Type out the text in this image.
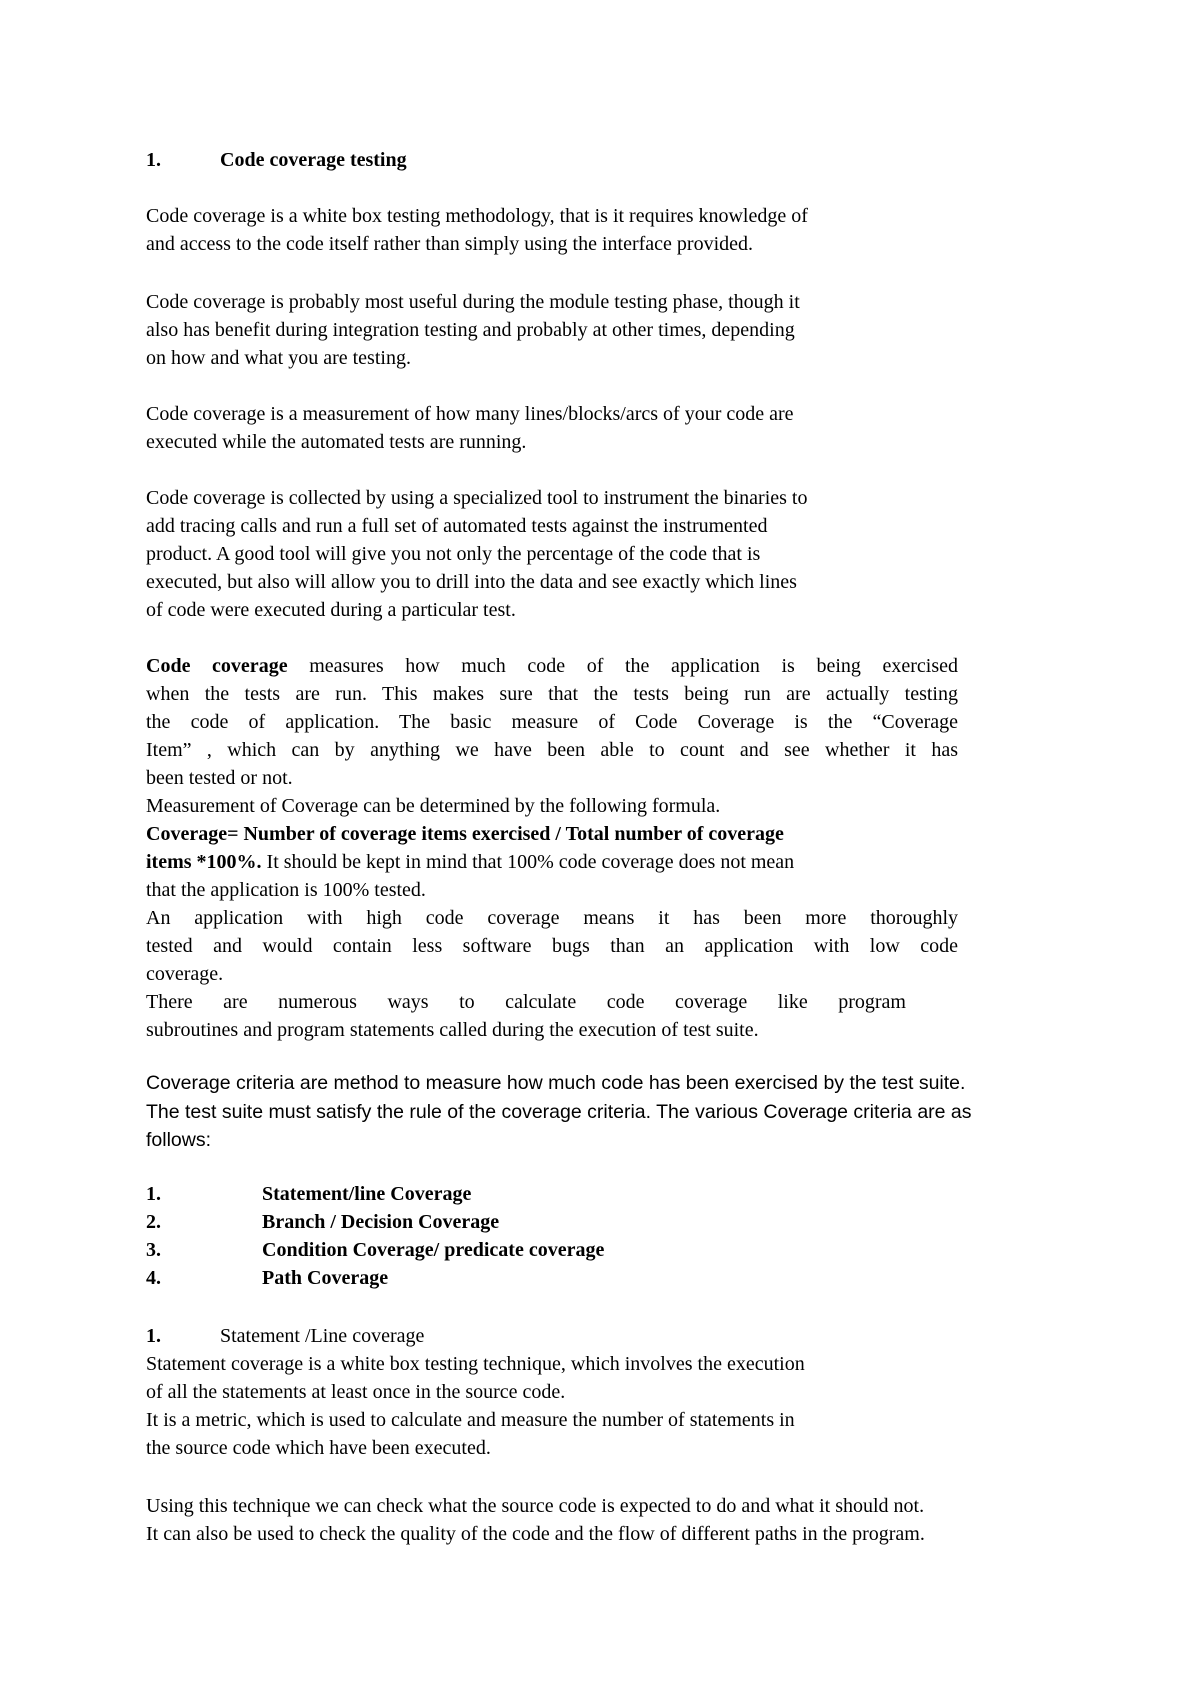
1.	Code coverage testing
Code coverage is a white box testing methodology, that is it requires knowledge of
and access to the code itself rather than simply using the interface provided.
Code coverage is probably most useful during the module testing phase, though it
also has benefit during integration testing and probably at other times, depending
on how and what you are testing.
Code coverage is a measurement of how many lines/blocks/arcs of your code are
executed while the automated tests are running.
Code coverage is collected by using a specialized tool to instrument the binaries to
add tracing calls and run a full set of automated tests against the instrumented
product. A good tool will give you not only the percentage of the code that is
executed, but also will allow you to drill into the data and see exactly which lines
of code were executed during a particular test.
Code coverage measures how much code of the application is being exercised
when the tests are run. This makes sure that the tests being run are actually testing
the code of application. The basic measure of Code Coverage is the “Coverage
Item” , which can by anything we have been able to count and see whether it has
been tested or not.
Measurement of Coverage can be determined by the following formula.
Coverage= Number of coverage items exercised / Total number of coverage
items *100%. It should be kept in mind that 100% code coverage does not mean
that the application is 100% tested.
An application with high code coverage means it has been more thoroughly
tested and would contain less software bugs than an application with low code
coverage.
There are numerous ways to calculate code coverage like program
subroutines and program statements called during the execution of test suite.
Coverage criteria are method to measure how much code has been exercised by the test suite.
The test suite must satisfy the rule of the coverage criteria. The various Coverage criteria are as
follows:
1.	Statement/line Coverage
2.	Branch / Decision Coverage
3.	Condition Coverage/ predicate coverage
4.	Path Coverage
1.	Statement /Line coverage
Statement coverage is a white box testing technique, which involves the execution
of all the statements at least once in the source code.
It is a metric, which is used to calculate and measure the number of statements in
the source code which have been executed.
Using this technique we can check what the source code is expected to do and what it should not.
It can also be used to check the quality of the code and the flow of different paths in the program.
